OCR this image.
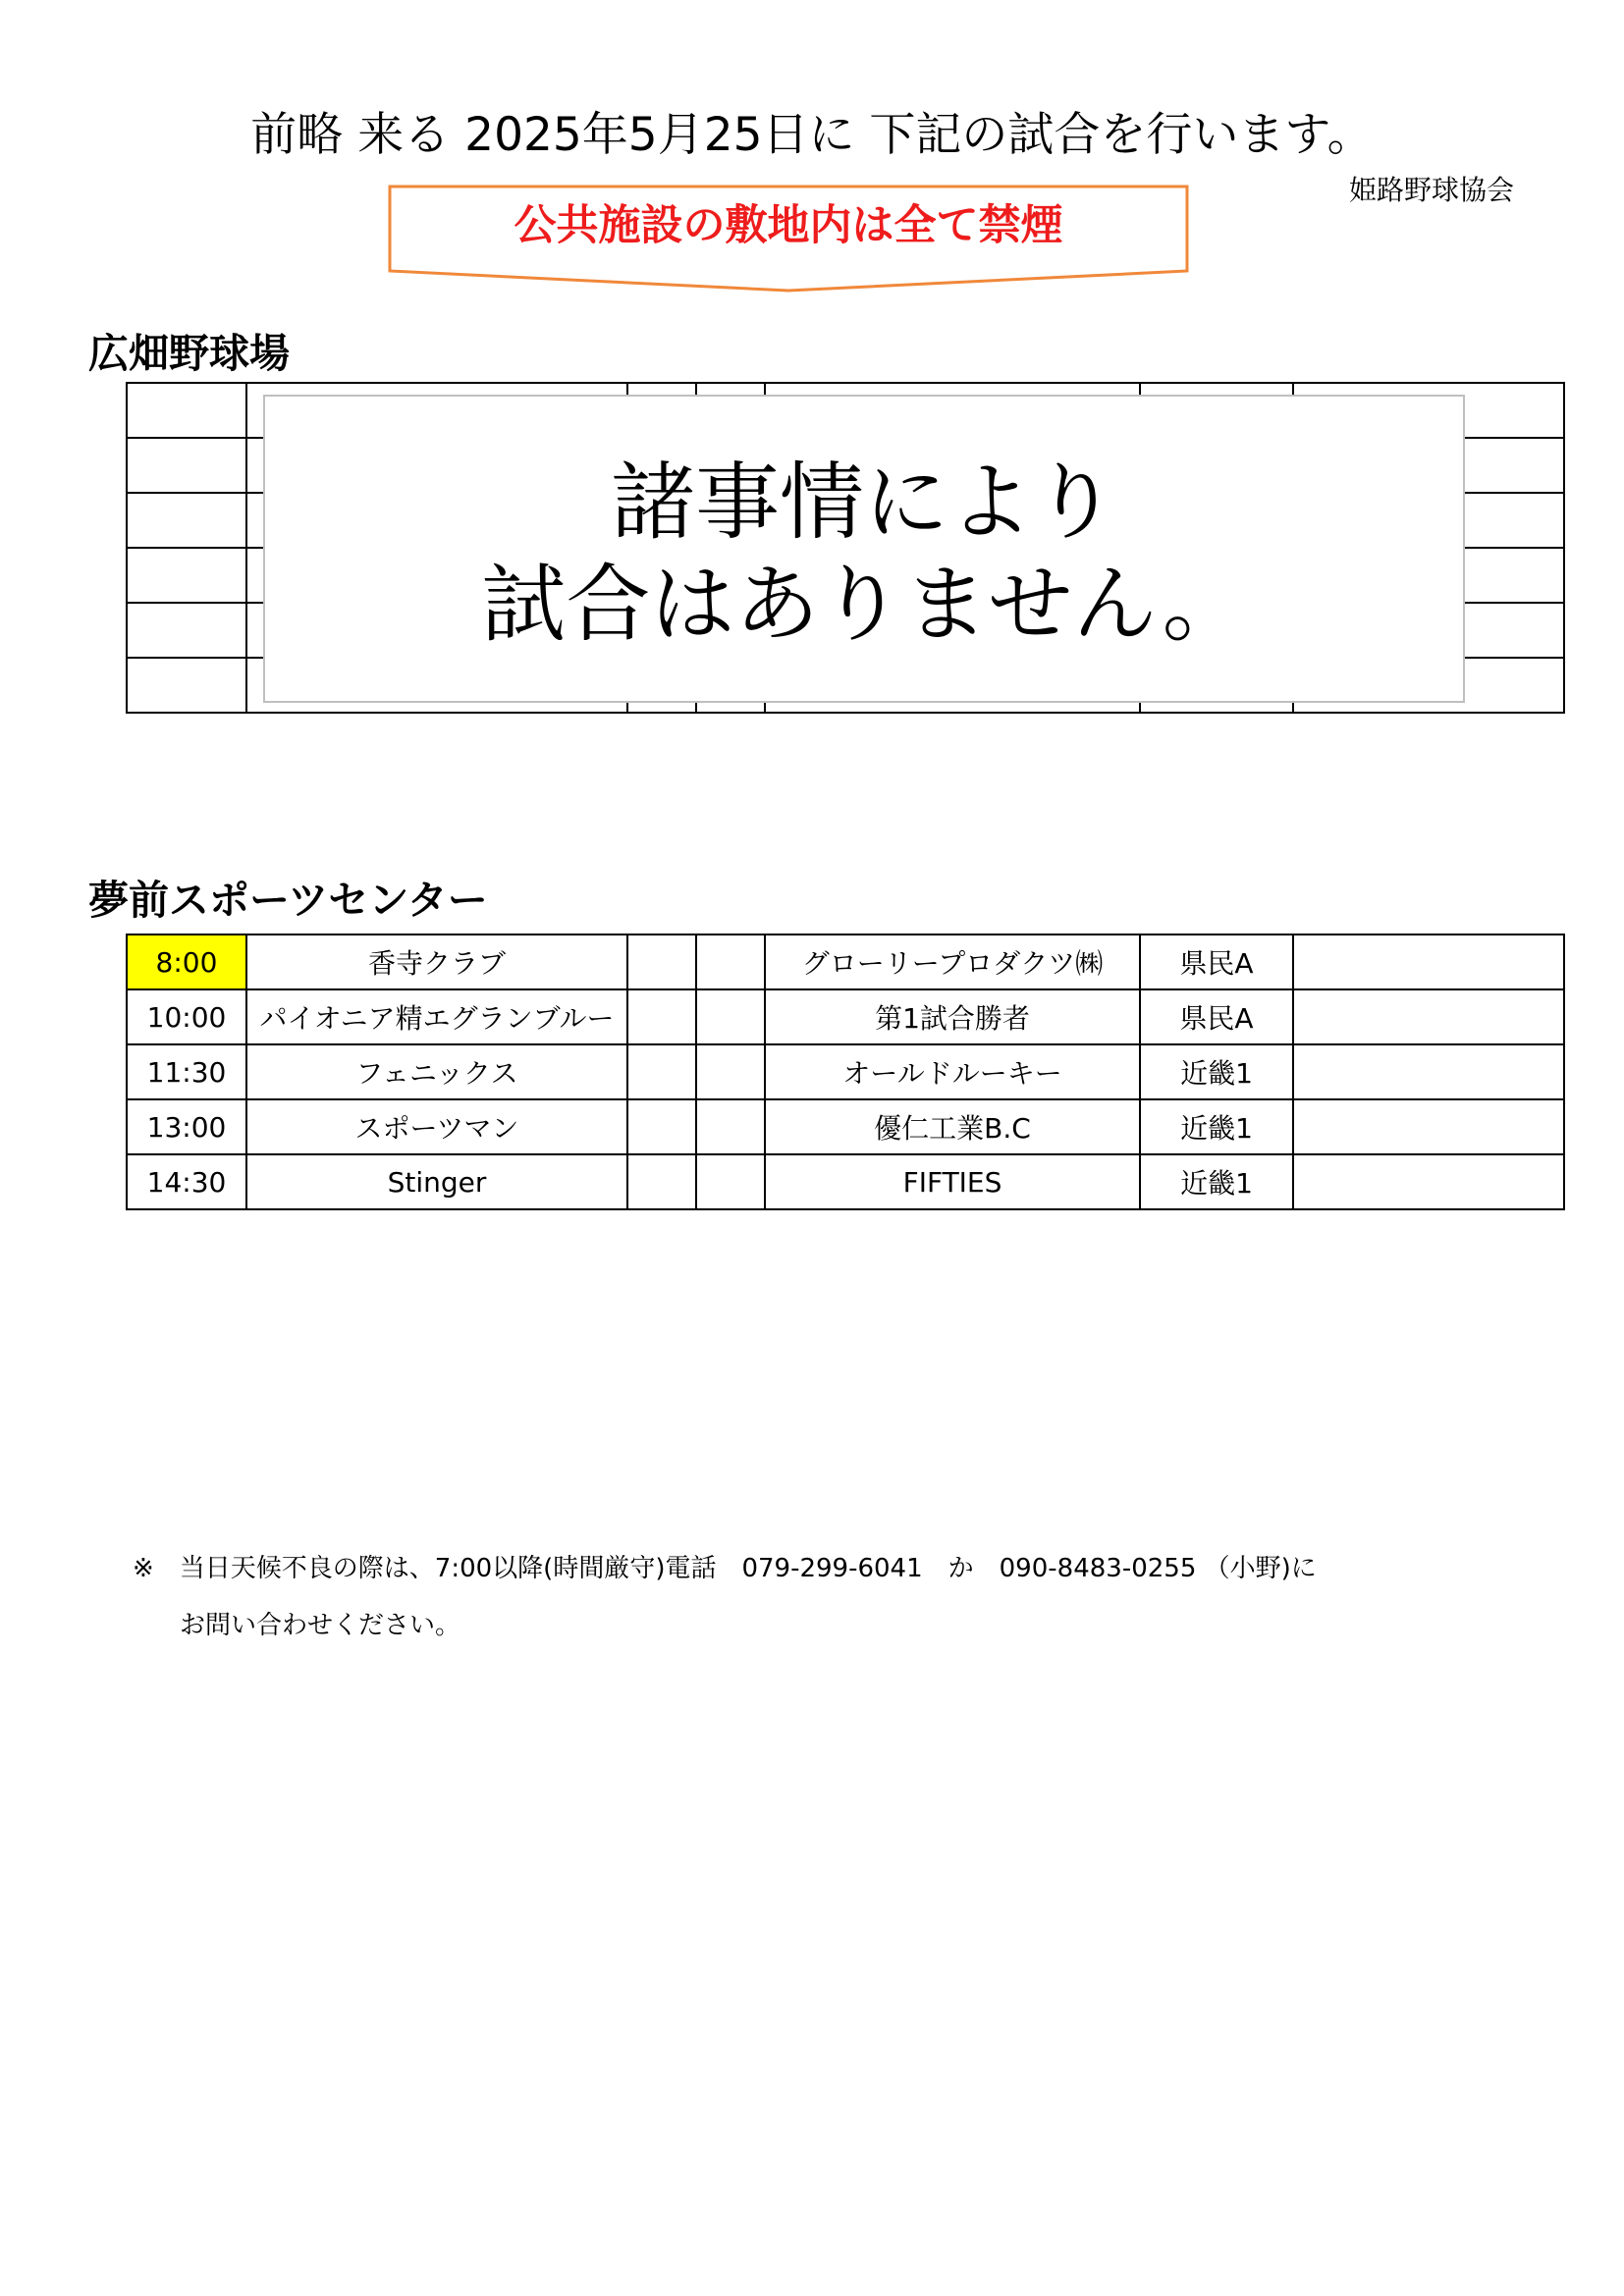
前略 来る 2025年5月25日に 下記の試合を行います。
姫路野球協会
公共施設の敷地内は全て禁煙
広畑野球場

諸事情により
試合はありません。
夢前スポーツセンター
8:00	香寺クラブ			グローリープロダクツ㈱	県民A	
10:00	パイオニア精エグランブルー			第1試合勝者	県民A	
11:30	フェニックス			オールドルーキー	近畿1	
13:00	スポーツマン			優仁工業B.C	近畿1	
14:30	Stinger			FIFTIES	近畿1	
※　当日天候不良の際は、7:00以降(時間厳守)電話　079-299-6041　か　090-8483-0255 （小野)に
お問い合わせください。
